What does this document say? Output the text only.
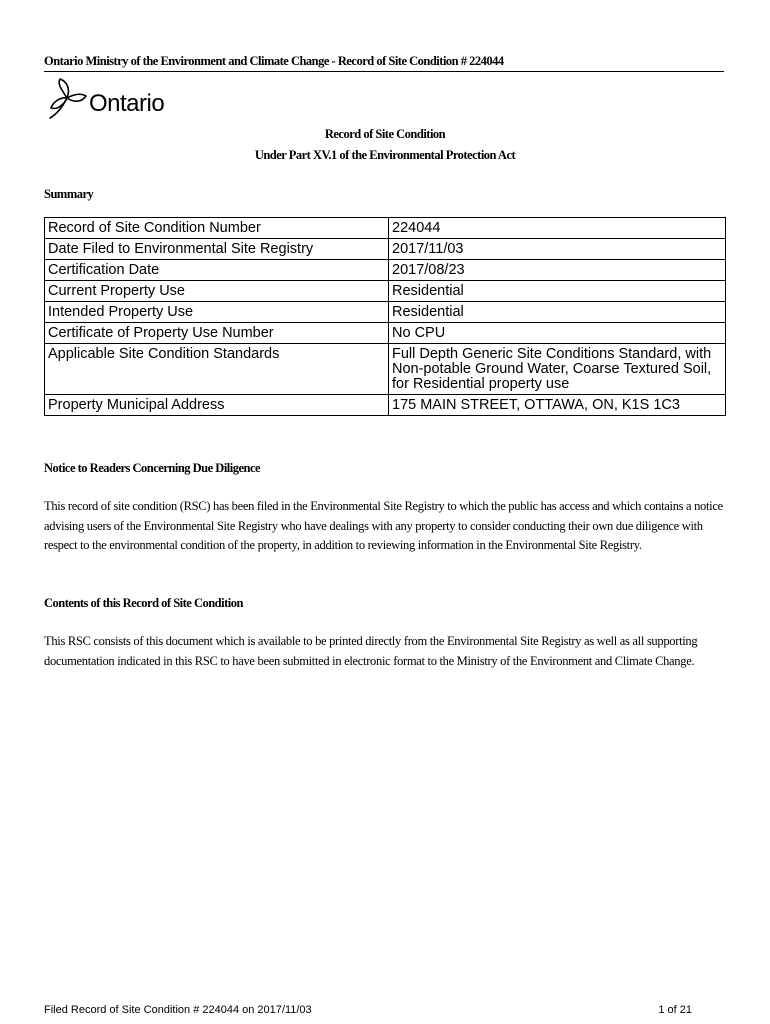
Ontario Ministry of the Environment and Climate Change - Record of Site Condition # 224044
Ontario
Record of Site Condition
Under Part XV.1 of the Environmental Protection Act
Summary
Record of Site Condition Number	224044
Date Filed to Environmental Site Registry	2017/11/03
Certification Date	2017/08/23
Current Property Use	Residential
Intended Property Use	Residential
Certificate of Property Use Number	No CPU
Applicable Site Condition Standards	Full Depth Generic Site Conditions Standard, with Non-potable Ground Water, Coarse Textured Soil, for Residential property use
Property Municipal Address	175 MAIN STREET, OTTAWA, ON, K1S 1C3
Notice to Readers Concerning Due Diligence
This record of site condition (RSC) has been filed in the Environmental Site Registry to which the public has access and which contains a notice advising users of the Environmental Site Registry who have dealings with any property to consider conducting their own due diligence with respect to the environmental condition of the property, in addition to reviewing information in the Environmental Site Registry.
Contents of this Record of Site Condition
This RSC consists of this document which is available to be printed directly from the Environmental Site Registry as well as all supporting documentation indicated in this RSC to have been submitted in electronic format to the Ministry of the Environment and Climate Change.
Filed Record of Site Condition # 224044 on 2017/11/03	1 of 21
